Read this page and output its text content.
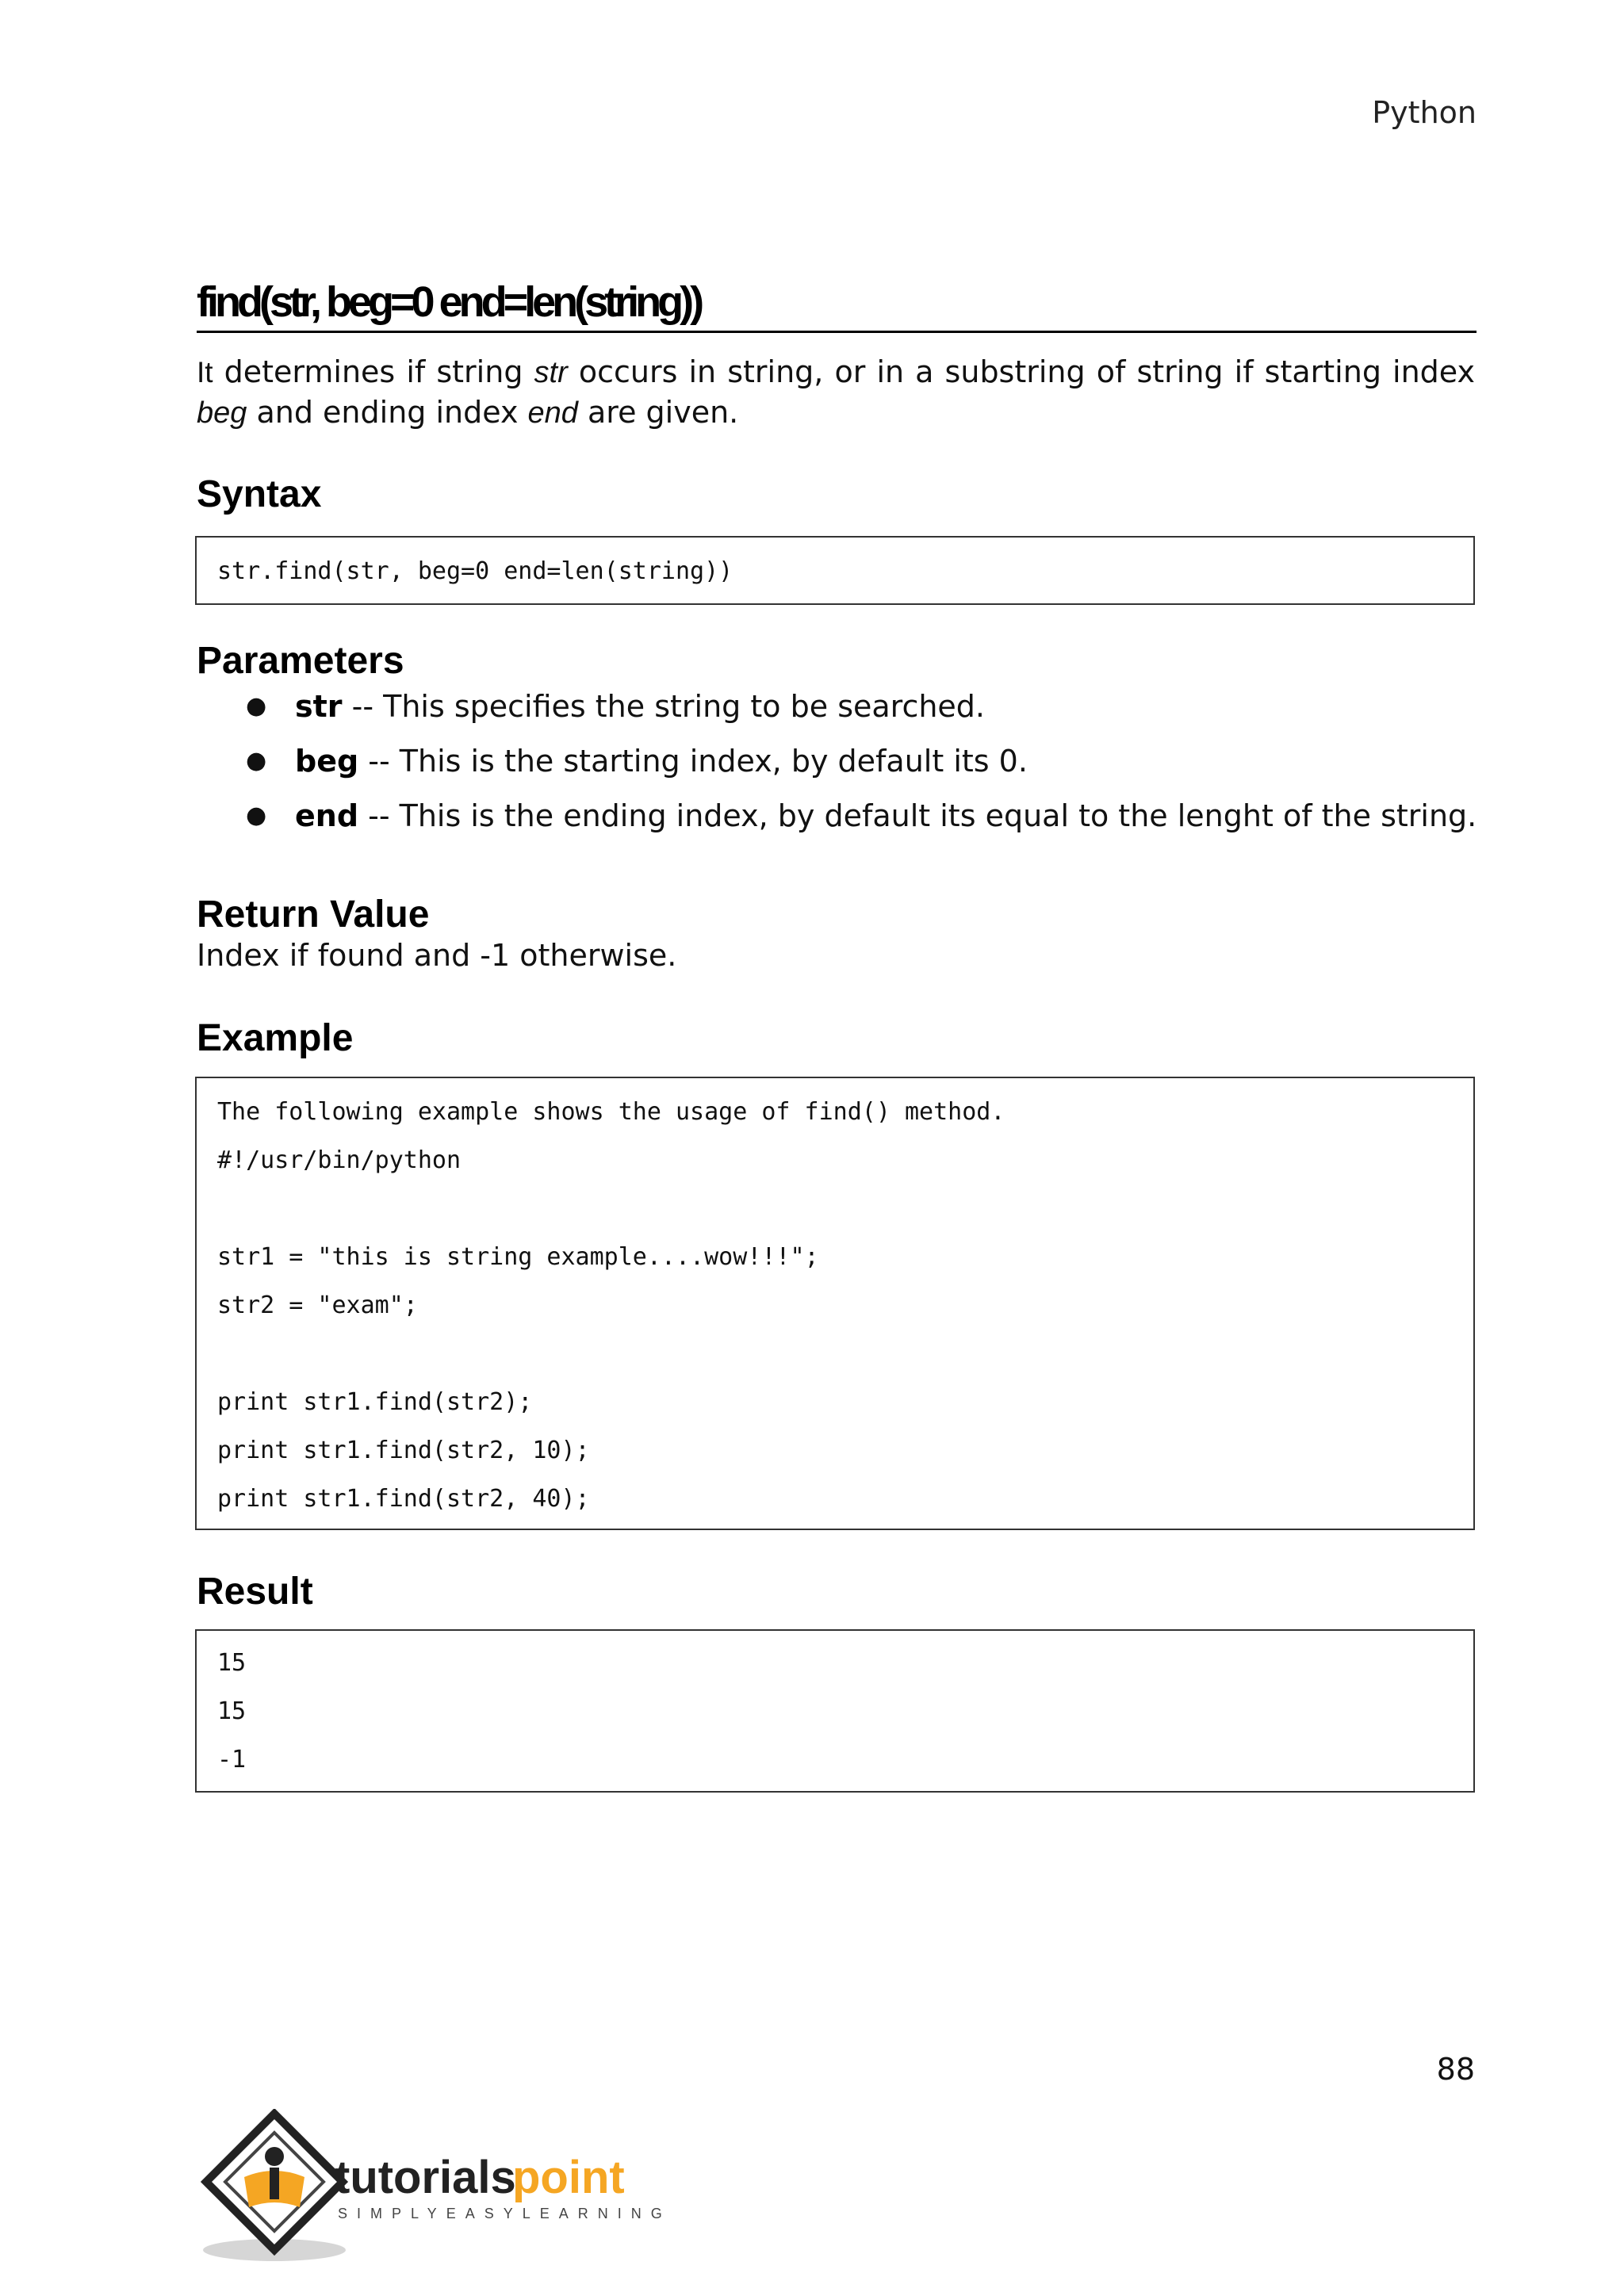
Python
find(str, beg=0 end=len(string))
It determines if string str occurs in string, or in a substring of string if starting index beg and ending index end are given.
Syntax
str.find(str, beg=0 end=len(string))
Parameters
● str -- This specifies the string to be searched.
● beg -- This is the starting index, by default its 0.
● end -- This is the ending index, by default its equal to the lenght of the string.
Return Value
Index if found and -1 otherwise.
Example
The following example shows the usage of find() method.
#!/usr/bin/python
str1 = "this is string example....wow!!!";
str2 = "exam";
print str1.find(str2);
print str1.find(str2, 10);
print str1.find(str2, 40);
Result
15
15
-1
88
tutorials
point
SIMPLYEASYLEARNING
